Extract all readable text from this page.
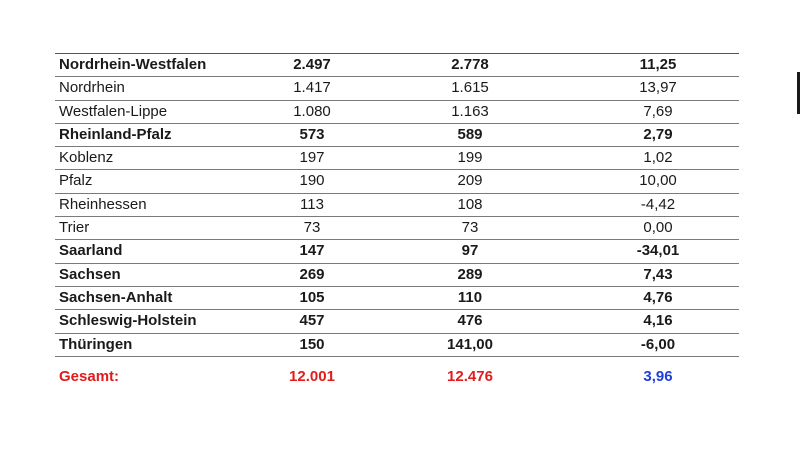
Nordrhein-Westfalen	2.497	2.778	11,25
Nordrhein	1.417	1.615	13,97
Westfalen-Lippe	1.080	1.163	7,69
Rheinland-Pfalz	573	589	2,79
Koblenz	197	199	1,02
Pfalz	190	209	10,00
Rheinhessen	113	108	-4,42
Trier	73	73	0,00
Saarland	147	97	-34,01
Sachsen	269	289	7,43
Sachsen-Anhalt	105	110	4,76
Schleswig-Holstein	457	476	4,16
Thüringen	150	141,00	-6,00
Gesamt:	12.001	12.476	3,96
